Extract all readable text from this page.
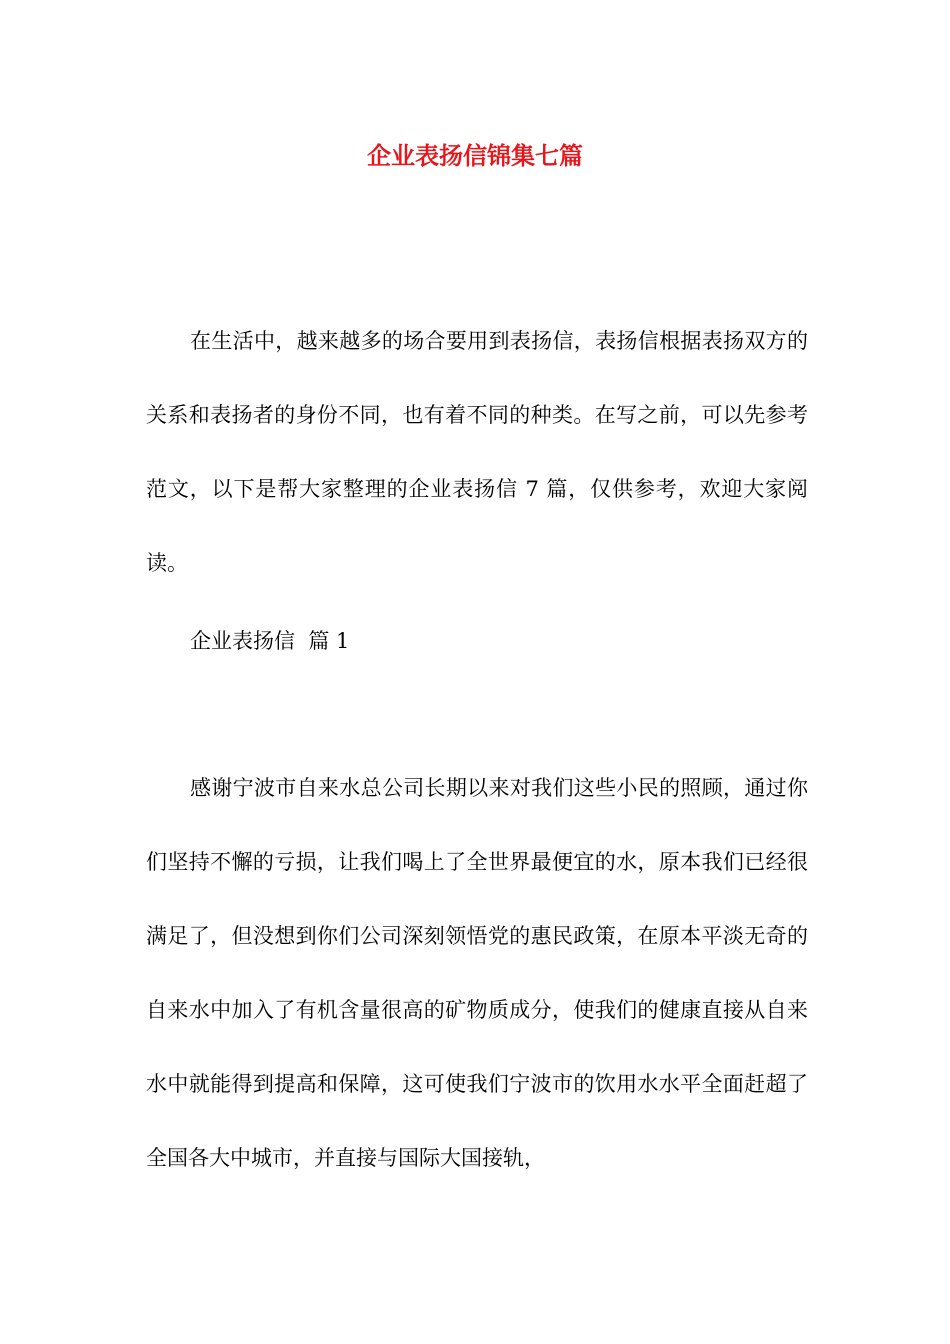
企业表扬信锦集七篇

在生活中，越来越多的场合要用到表扬信，表扬信根据表扬双方的关系和表扬者的身份不同，也有着不同的种类。在写之前，可以先参考范文，以下是帮大家整理的企业表扬信 7 篇，仅供参考，欢迎大家阅读。

企业表扬信  篇 1

感谢宁波市自来水总公司长期以来对我们这些小民的照顾，通过你们坚持不懈的亏损，让我们喝上了全世界最便宜的水，原本我们已经很满足了，但没想到你们公司深刻领悟党的惠民政策，在原本平淡无奇的自来水中加入了有机含量很高的矿物质成分，使我们的健康直接从自来水中就能得到提高和保障，这可使我们宁波市的饮用水水平全面赶超了全国各大中城市，并直接与国际大国接轨，
